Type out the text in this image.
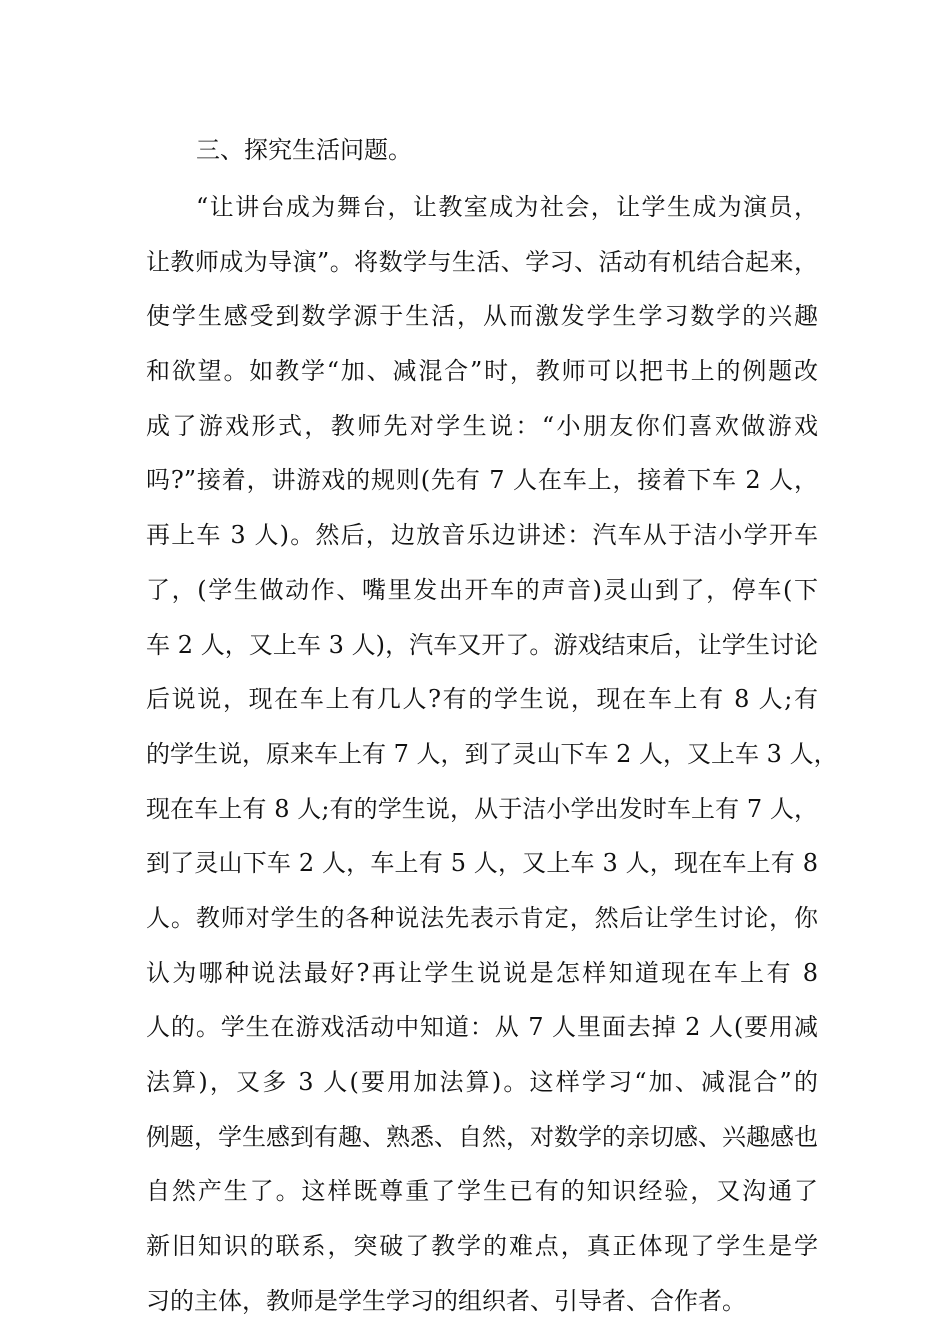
三、探究生活问题。
“让讲台成为舞台，让教室成为社会，让学生成为演员，
让教师成为导演”。将数学与生活、学习、活动有机结合起来，
使学生感受到数学源于生活，从而激发学生学习数学的兴趣
和欲望。如教学“加、减混合”时，教师可以把书上的例题改
成了游戏形式，教师先对学生说：“小朋友你们喜欢做游戏
吗?”接着，讲游戏的规则(先有 7 人在车上，接着下车 2 人，
再上车 3 人)。然后，边放音乐边讲述：汽车从于洁小学开车
了，(学生做动作、嘴里发出开车的声音)灵山到了，停车(下
车 2 人，又上车 3 人)，汽车又开了。游戏结束后，让学生讨论
后说说，现在车上有几人?有的学生说，现在车上有 8 人;有
的学生说，原来车上有 7 人，到了灵山下车 2 人，又上车 3 人，
现在车上有 8 人;有的学生说，从于洁小学出发时车上有 7 人，
到了灵山下车 2 人，车上有 5 人，又上车 3 人，现在车上有 8
人。教师对学生的各种说法先表示肯定，然后让学生讨论，你
认为哪种说法最好?再让学生说说是怎样知道现在车上有 8
人的。学生在游戏活动中知道：从 7 人里面去掉 2 人(要用减
法算)，又多 3 人(要用加法算)。这样学习“加、减混合”的
例题，学生感到有趣、熟悉、自然，对数学的亲切感、兴趣感也
自然产生了。这样既尊重了学生已有的知识经验，又沟通了
新旧知识的联系，突破了教学的难点，真正体现了学生是学
习的主体，教师是学生学习的组织者、引导者、合作者。
